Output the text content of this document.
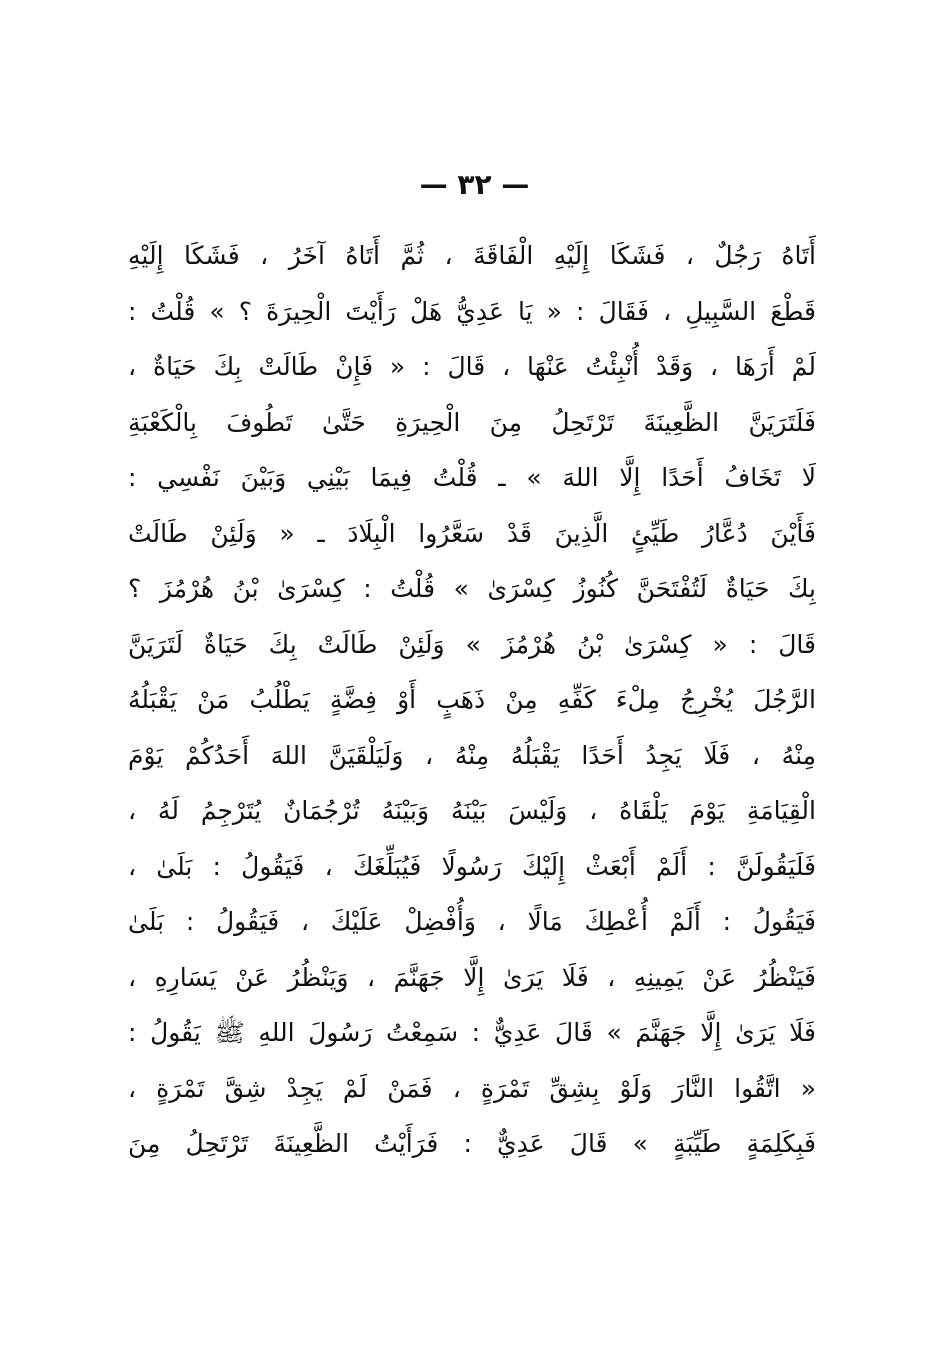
— ٣٢ —
أَتَاهُ رَجُلٌ ، فَشَكَا إِلَيْهِ الْفَاقَةَ ، ثُمَّ أَتَاهُ آخَرُ ، فَشَكَا إِلَيْهِ
قَطْعَ السَّبِيلِ ، فَقَالَ : « يَا عَدِيُّ هَلْ رَأَيْتَ الْحِيرَةَ ؟ » قُلْتُ :
لَمْ أَرَهَا ، وَقَدْ أُنْبِئْتُ عَنْهَا ، قَالَ : « فَإِنْ طَالَتْ بِكَ حَيَاةٌ ،
فَلَتَرَيَنَّ الظَّعِينَةَ تَرْتَحِلُ مِنَ الْحِيرَةِ حَتَّىٰ تَطُوفَ بِالْكَعْبَةِ
لَا تَخَافُ أَحَدًا إِلَّا اللهَ » ـ قُلْتُ فِيمَا بَيْنِي وَبَيْنَ نَفْسِي :
فَأَيْنَ دُعَّارُ طَيِّئٍ الَّذِينَ قَدْ سَعَّرُوا الْبِلَادَ ـ « وَلَئِنْ طَالَتْ
بِكَ حَيَاةٌ لَتُفْتَحَنَّ كُنُوزُ كِسْرَىٰ » قُلْتُ : كِسْرَىٰ بْنُ هُرْمُزَ ؟
قَالَ : « كِسْرَىٰ بْنُ هُرْمُزَ » وَلَئِنْ طَالَتْ بِكَ حَيَاةٌ لَتَرَيَنَّ
الرَّجُلَ يُخْرِجُ مِلْءَ كَفِّهِ مِنْ ذَهَبٍ أَوْ فِضَّةٍ يَطْلُبُ مَنْ يَقْبَلُهُ
مِنْهُ ، فَلَا يَجِدُ أَحَدًا يَقْبَلُهُ مِنْهُ ، وَلَيَلْقَيَنَّ اللهَ أَحَدُكُمْ يَوْمَ
الْقِيَامَةِ يَوْمَ يَلْقَاهُ ، وَلَيْسَ بَيْنَهُ وَبَيْنَهُ تُرْجُمَانٌ يُتَرْجِمُ لَهُ ،
فَلَيَقُولَنَّ : أَلَمْ أَبْعَثْ إِلَيْكَ رَسُولًا فَيُبَلِّغَكَ ، فَيَقُولُ : بَلَىٰ ،
فَيَقُولُ : أَلَمْ أُعْطِكَ مَالًا ، وَأُفْضِلْ عَلَيْكَ ، فَيَقُولُ : بَلَىٰ
فَيَنْظُرُ عَنْ يَمِينِهِ ، فَلَا يَرَىٰ إِلَّا جَهَنَّمَ ، وَيَنْظُرُ عَنْ يَسَارِهِ ،
فَلَا يَرَىٰ إِلَّا جَهَنَّمَ » قَالَ عَدِيٌّ : سَمِعْتُ رَسُولَ اللهِ ﷺ يَقُولُ :
« اتَّقُوا النَّارَ وَلَوْ بِشِقِّ تَمْرَةٍ ، فَمَنْ لَمْ يَجِدْ شِقَّ تَمْرَةٍ ،
فَبِكَلِمَةٍ طَيِّبَةٍ » قَالَ عَدِيٌّ : فَرَأَيْتُ الظَّعِينَةَ تَرْتَحِلُ مِنَ
